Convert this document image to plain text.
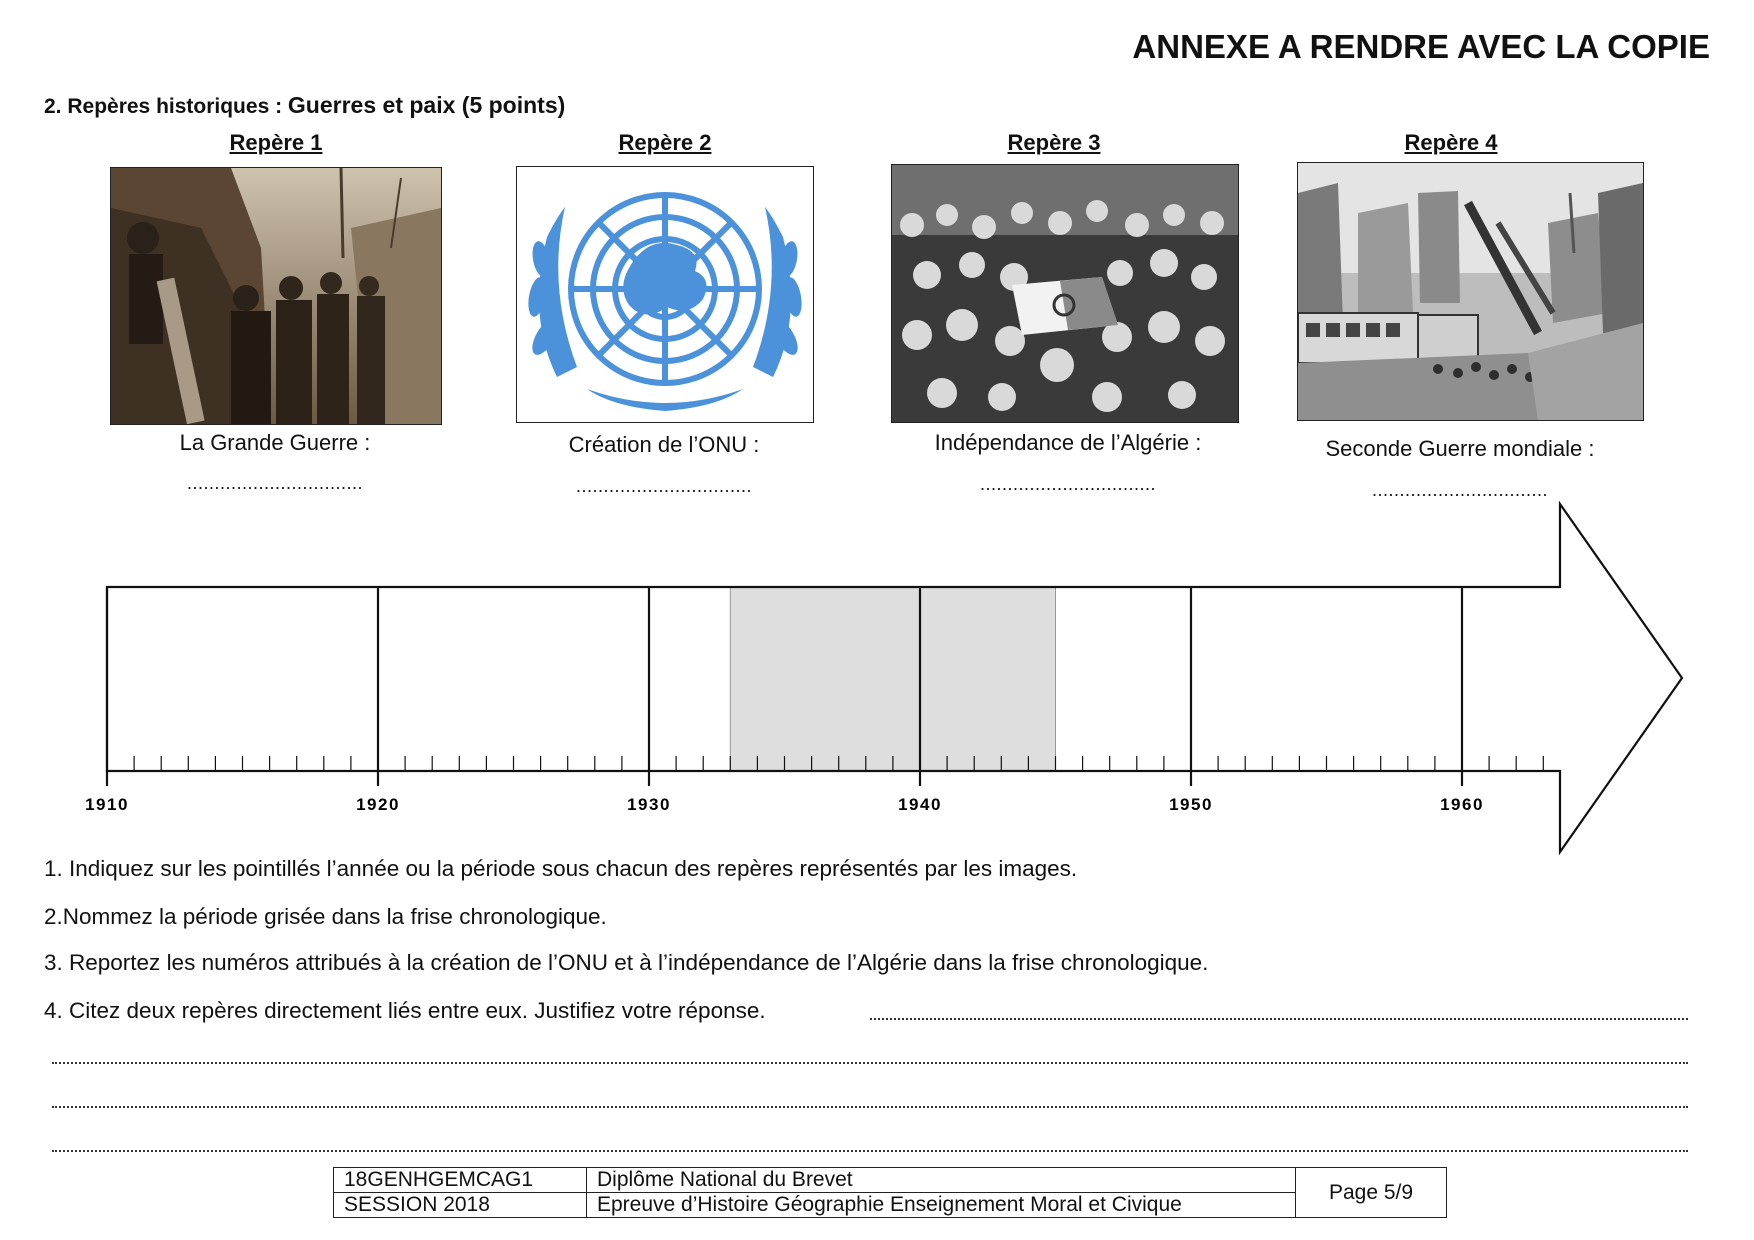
ANNEXE A RENDRE AVEC LA COPIE
2. Repères historiques : Guerres et paix (5 points)
Repère 1
La Grande Guerre :
................................
Repère 2
Création de l’ONU :
................................
Repère 3
Indépendance de l’Algérie :
................................
Repère 4
Seconde Guerre mondiale :
................................
1910	1920	1930	1940	1950	1960
1. Indiquez sur les pointillés l’année ou la période sous chacun des repères représentés par les images.
2.Nommez la période grisée dans la frise chronologique.
3. Reportez les numéros attribués à la création de l’ONU et à l’indépendance de l’Algérie dans la frise chronologique.
4. Citez deux repères directement liés entre eux. Justifiez votre réponse.
18GENHGEMCAG1	Diplôme National du Brevet	Page 5/9
SESSION 2018	Epreuve d’Histoire Géographie Enseignement Moral et Civique	
